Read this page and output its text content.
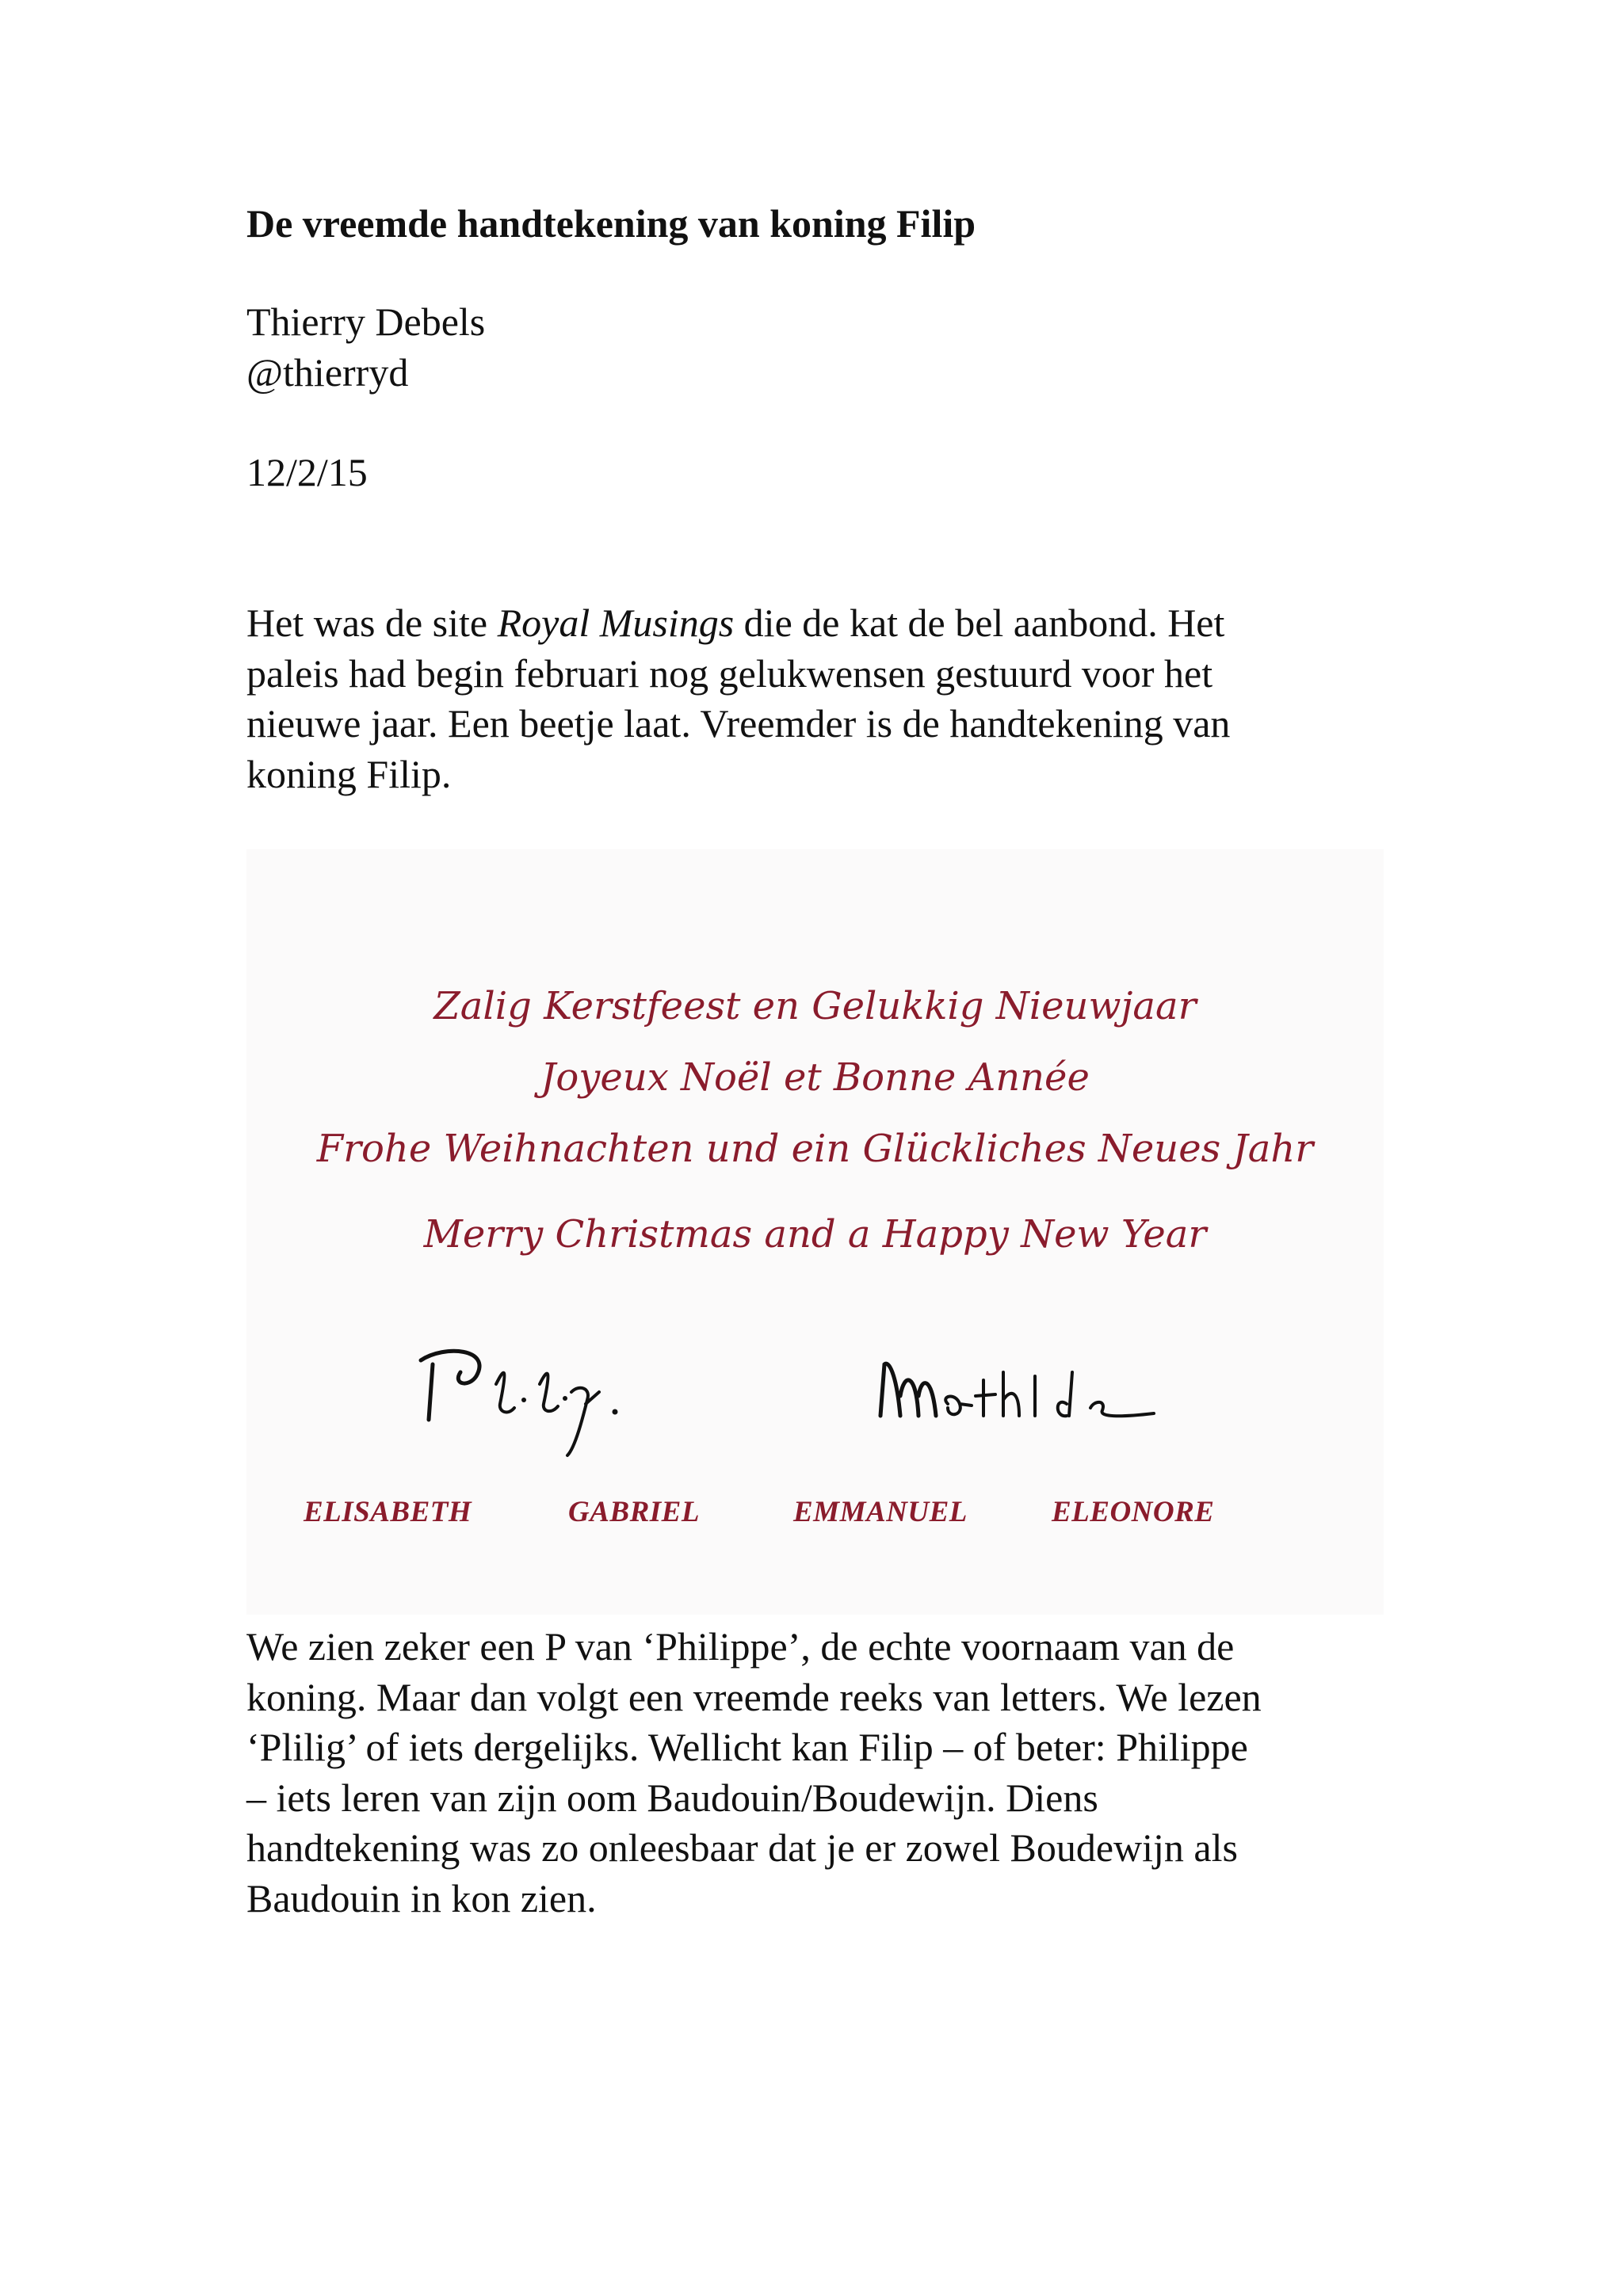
De vreemde handtekening van koning Filip

Thierry Debels

@thierryd

12/2/15

Het was de site Royal Musings die de kat de bel aanbond. Het
paleis had begin februari nog gelukwensen gestuurd voor het
nieuwe jaar. Een beetje laat. Vreemder is de handtekening van
koning Filip.

Zalig Kerstfeest en Gelukkig Nieuwjaar

Joyeux Noël et Bonne Année

Frohe Weihnachten und ein Glückliches Neues Jahr

Merry Christmas and a Happy New Year

ELISABETH	GABRIEL	EMMANUEL	ELEONORE

We zien zeker een P van ‘Philippe’, de echte voornaam van de
koning. Maar dan volgt een vreemde reeks van letters. We lezen
‘Plilig’ of iets dergelijks. Wellicht kan Filip – of beter: Philippe
– iets leren van zijn oom Baudouin/Boudewijn. Diens
handtekening was zo onleesbaar dat je er zowel Boudewijn als
Baudouin in kon zien.
